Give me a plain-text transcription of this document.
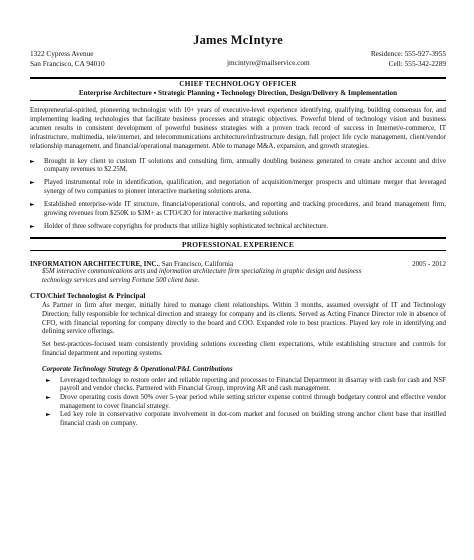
James McIntyre
1322 Cypress Avenue
San Francisco, CA 94010	jmcintyre@mailservice.com
Residence: 555-927-3955
Cell: 555-342-2289
CHIEF TECHNOLOGY OFFICER
Enterprise Architecture ▪ Strategic Planning ▪ Technology Direction, Design/Delivery & Implementation
Entrepreneurial-spirited, pioneering technologist with 10+ years of executive-level experience identifying, qualifying, building consensus for, and implementing leading technologies that facilitate business processes and strategic objectives. Powerful blend of technology vision and business acumen results in consistent development of powerful business strategies with a proven track record of success in Internet/e-commerce, IT infrastructure, multimedia, tele/internet, and telecommunications architecture/infrastructure design, full project life cycle management, client/vendor relationship management, and financial/operational management. Able to manage M&A, expansion, and growth strategies.
► Brought in key client to custom IT solutions and consulting firm, annually doubling business generated to create anchor account and drive company revenues to $2.25M.
► Played instrumental role in identification, qualification, and negotiation of acquisition/merger prospects and ultimate merger that leveraged synergy of two companies to pioneer interactive marketing solutions arena.
► Established enterprise-wide IT structure, financial/operational controls, and reporting and tracking procedures, and brand management firm, growing revenues from $250K to $3M+ as CTO/CIO for interactive marketing solutions
► Holder of three software copyrights for products that utilize highly sophisticated technical architecture.
PROFESSIONAL EXPERIENCE
INFORMATION ARCHITECTURE, INC., San Francisco, California	2005 - 2012
$5M interactive communications arts and information architecture firm specializing in graphic design and business technology services and serving Fortune 500 client base.
CTO/Chief Technologist & Principal
As Partner in firm after merger, initially hired to manage client relationships. Within 3 months, assumed oversight of IT and Technology Direction; fully responsible for technical direction and strategy for company and its clients. Served as Acting Finance Director role in absence of CFO, with financial reporting for company directly to the board and COO. Expanded role to best practices. Played key role in identifying and defining service offerings.
Set best-practices-focused team consistently providing solutions exceeding client expectations, while establishing structure and controls for financial department and reporting systems.
Corporate Technology Strategy & Operational/P&L Contributions
► Leveraged technology to restore order and reliable reporting and processes to Financial Department in disarray with cash for cash and NSF payroll and vendor checks. Partnered with Financial Group, improving AR and cash management.
► Drove operating costs down 50% over 5-year period while setting stricter expense control through budgetary control and effective vendor management to cover financial strategy.
► Led key role in conservative corporate involvement in dot-com market and focused on building strong anchor client base that instilled financial crash on company.
